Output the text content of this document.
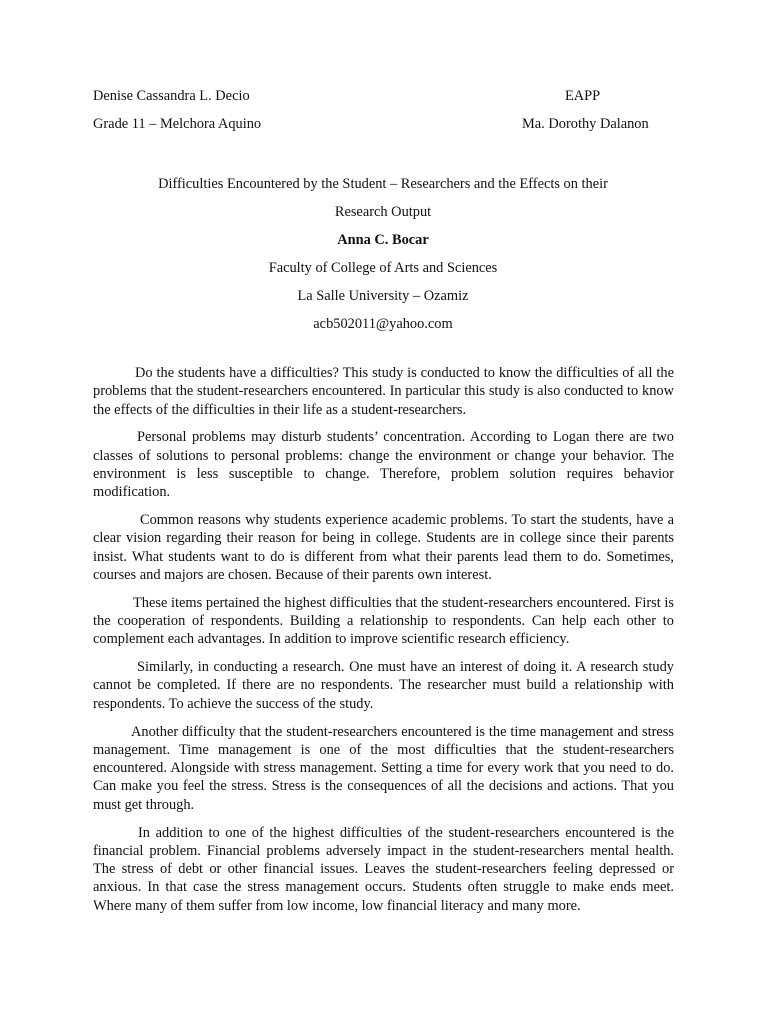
Denise Cassandra L. Decio	EAPP
Grade 11 – Melchora Aquino	Ma. Dorothy Dalanon
Difficulties Encountered by the Student – Researchers and the Effects on their
Research Output
Anna C. Bocar
Faculty of College of Arts and Sciences
La Salle University – Ozamiz
acb502011@yahoo.com

Do the students have a difficulties? This study is conducted to know the difficulties of all the problems that the student-researchers encountered. In particular this study is also conducted to know the effects of the difficulties in their life as a student-researchers.

Personal problems may disturb students’ concentration. According to Logan there are two classes of solutions to personal problems: change the environment or change your behavior. The environment is less susceptible to change. Therefore, problem solution requires behavior modification.

Common reasons why students experience academic problems. To start the students, have a clear vision regarding their reason for being in college. Students are in college since their parents insist. What students want to do is different from what their parents lead them to do. Sometimes, courses and majors are chosen. Because of their parents own interest.

These items pertained the highest difficulties that the student-researchers encountered. First is the cooperation of respondents. Building a relationship to respondents. Can help each other to complement each advantages. In addition to improve scientific research efficiency.

Similarly, in conducting a research. One must have an interest of doing it. A research study cannot be completed. If there are no respondents. The researcher must build a relationship with respondents. To achieve the success of the study.

Another difficulty that the student-researchers encountered is the time management and stress management. Time management is one of the most difficulties that the student-researchers encountered. Alongside with stress management. Setting a time for every work that you need to do. Can make you feel the stress. Stress is the consequences of all the decisions and actions. That you must get through.

In addition to one of the highest difficulties of the student-researchers encountered is the financial problem. Financial problems adversely impact in the student-researchers mental health. The stress of debt or other financial issues. Leaves the student-researchers feeling depressed or anxious. In that case the stress management occurs. Students often struggle to make ends meet. Where many of them suffer from low income, low financial literacy and many more.
